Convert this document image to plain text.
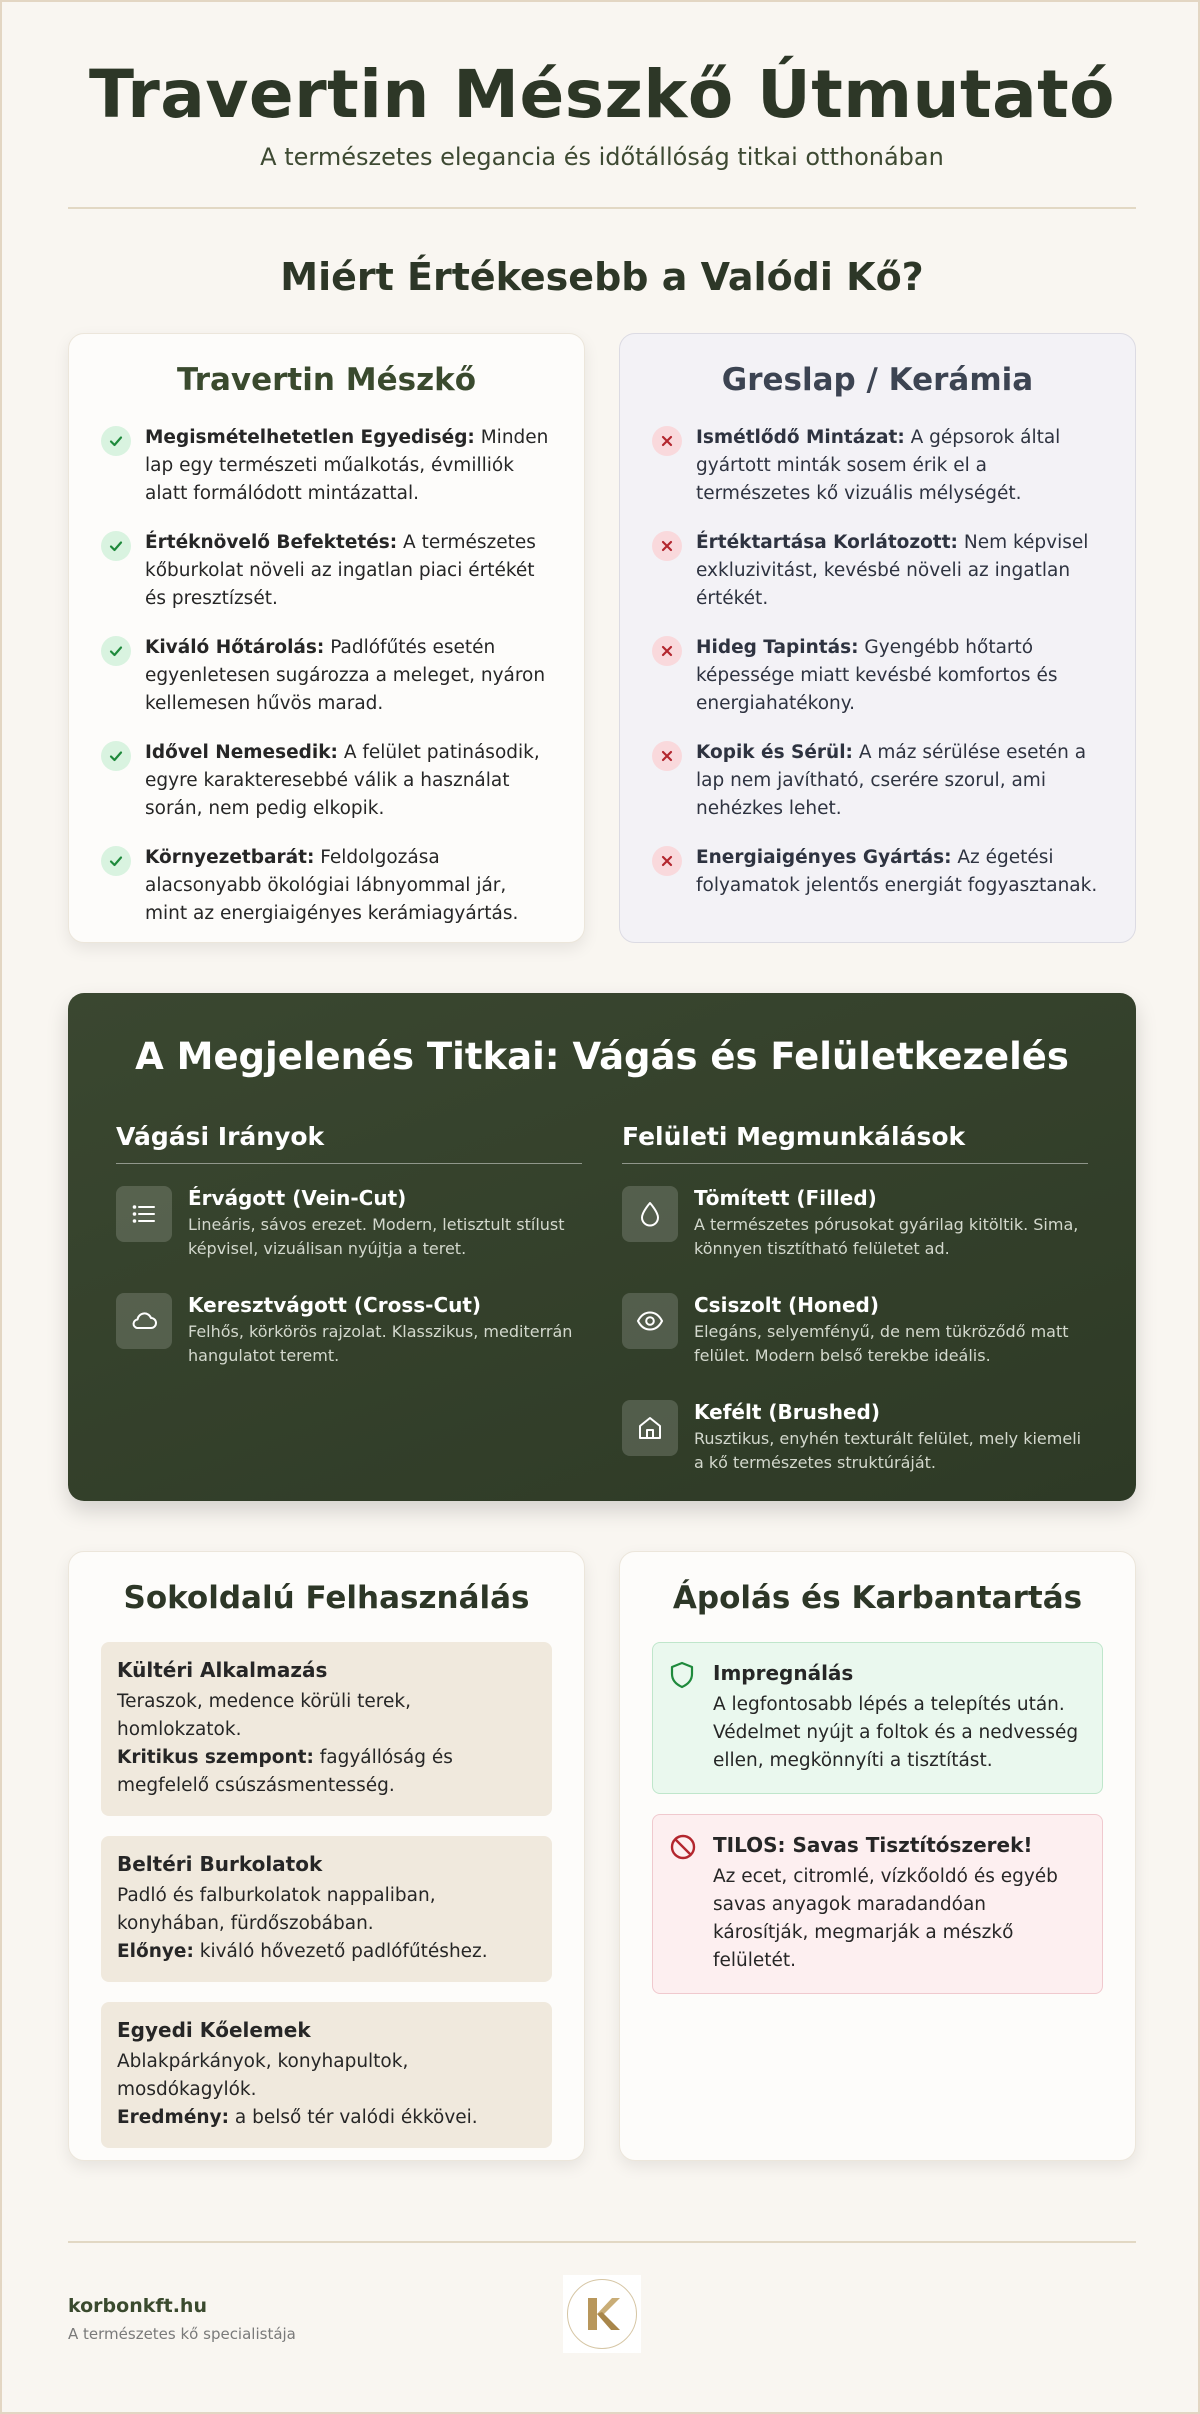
Travertin Mészkő Útmutató
A természetes elegancia és időtállóság titkai otthonában
Miért Értékesebb a Valódi Kő?
Travertin Mészkő

Megismételhetetlen Egyediség: Minden lap egy természeti műalkotás, évmilliók alatt formálódott mintázattal.

Értéknövelő Befektetés: A természetes kőburkolat növeli az ingatlan piaci értékét és presztízsét.

Kiváló Hőtárolás: Padlófűtés esetén egyenletesen sugározza a meleget, nyáron kellemesen hűvös marad.

Idővel Nemesedik: A felület patinásodik, egyre karakteresebbé válik a használat során, nem pedig elkopik.

Környezetbarát: Feldolgozása alacsonyabb ökológiai lábnyommal jár, mint az energiaigényes kerámiagyártás.

Greslap / Kerámia

Ismétlődő Mintázat: A gépsorok által gyártott minták sosem érik el a természetes kő vizuális mélységét.

Értéktartása Korlátozott: Nem képvisel exkluzivitást, kevésbé növeli az ingatlan értékét.

Hideg Tapintás: Gyengébb hőtartó képessége miatt kevésbé komfortos és energiahatékony.

Kopik és Sérül: A máz sérülése esetén a lap nem javítható, cserére szorul, ami nehézkes lehet.

Energiaigényes Gyártás: Az égetési folyamatok jelentős energiát fogyasztanak.

A Megjelenés Titkai: Vágás és Felületkezelés
Vágási Irányok
Érvágott (Vein-Cut)
Lineáris, sávos erezet. Modern, letisztult stílust képvisel, vizuálisan nyújtja a teret.
Keresztvágott (Cross-Cut)
Felhős, körkörös rajzolat. Klasszikus, mediterrán hangulatot teremt.
Felületi Megmunkálások
Tömített (Filled)
A természetes pórusokat gyárilag kitöltik. Sima, könnyen tisztítható felületet ad.
Csiszolt (Honed)
Elegáns, selyemfényű, de nem tükröződő matt felület. Modern belső terekbe ideális.
Kefélt (Brushed)
Rusztikus, enyhén texturált felület, mely kiemeli a kő természetes struktúráját.
Sokoldalú Felhasználás
Kültéri Alkalmazás
Teraszok, medence körüli terek, homlokzatok.
Kritikus szempont: fagyállóság és megfelelő csúszásmentesség.
Beltéri Burkolatok
Padló és falburkolatok nappaliban, konyhában, fürdőszobában.
Előnye: kiváló hővezető padlófűtéshez.
Egyedi Kőelemek
Ablakpárkányok, konyhapultok, mosdókagylók.
Eredmény: a belső tér valódi ékkövei.
Ápolás és Karbantartás
Impregnálás
A legfontosabb lépés a telepítés után. Védelmet nyújt a foltok és a nedvesség ellen, megkönnyíti a tisztítást.
TILOS: Savas Tisztítószerek!
Az ecet, citromlé, vízkőoldó és egyéb savas anyagok maradandóan károsítják, megmarják a mészkő felületét.
korbonkft.hu
A természetes kő specialistája
